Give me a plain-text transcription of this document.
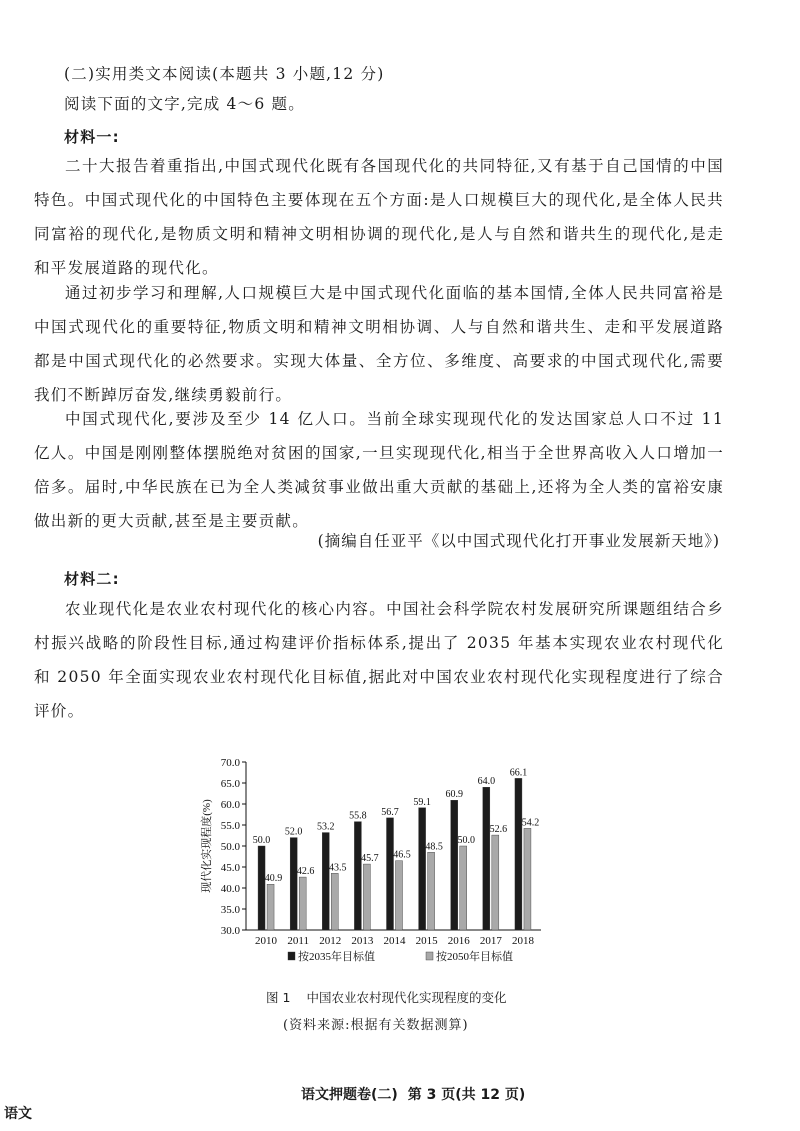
(二)实用类文本阅读(本题共 3 小题,12 分)
阅读下面的文字,完成 4～6 题。
材料一:
二十大报告着重指出,中国式现代化既有各国现代化的共同特征,又有基于自己国情的中国特色。中国式现代化的中国特色主要体现在五个方面:是人口规模巨大的现代化,是全体人民共同富裕的现代化,是物质文明和精神文明相协调的现代化,是人与自然和谐共生的现代化,是走和平发展道路的现代化。
通过初步学习和理解,人口规模巨大是中国式现代化面临的基本国情,全体人民共同富裕是中国式现代化的重要特征,物质文明和精神文明相协调、人与自然和谐共生、走和平发展道路都是中国式现代化的必然要求。实现大体量、全方位、多维度、高要求的中国式现代化,需要我们不断踔厉奋发,继续勇毅前行。
中国式现代化,要涉及至少 14 亿人口。当前全球实现现代化的发达国家总人口不过 11 亿人。中国是刚刚整体摆脱绝对贫困的国家,一旦实现现代化,相当于全世界高收入人口增加一倍多。届时,中华民族在已为全人类减贫事业做出重大贡献的基础上,还将为全人类的富裕安康做出新的更大贡献,甚至是主要贡献。
(摘编自任亚平《以中国式现代化打开事业发展新天地》)
材料二:
农业现代化是农业农村现代化的核心内容。中国社会科学院农村发展研究所课题组结合乡村振兴战略的阶段性目标,通过构建评价指标体系,提出了 2035 年基本实现农业农村现代化和 2050 年全面实现农业农村现代化目标值,据此对中国农业农村现代化实现程度进行了综合评价。
30.0
35.0
40.0
45.0
50.0
55.0
60.0
65.0
70.0
现代化实现程度(%)	50.0
40.9
2010
52.0
42.6
2011
53.2
43.5
2012
55.8
45.7
2013
56.7
46.5
2014
59.1
48.5
2015
60.9
50.0
2016
64.0
52.6
2017
66.1
54.2
2018
按2035年目标值	按2050年目标值
图 1 中国农业农村现代化实现程度的变化
(资料来源:根据有关数据测算)
语文押题卷(二) 第 3 页(共 12 页)
语文
